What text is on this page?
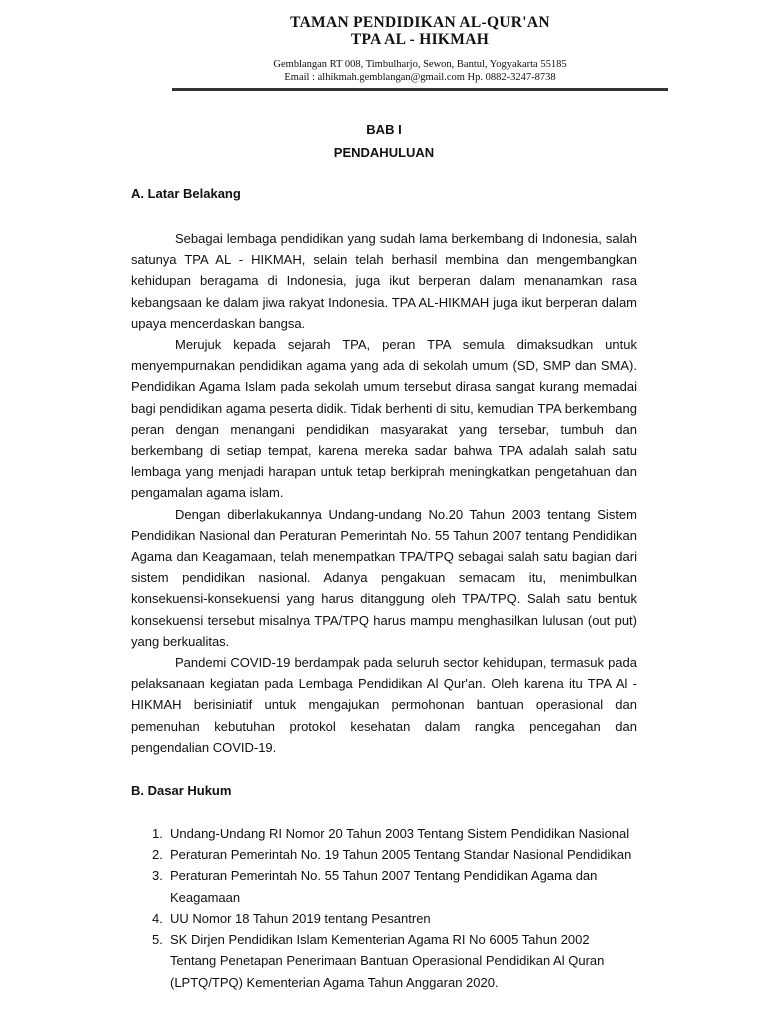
TAMAN PENDIDIKAN AL-QUR'AN
TPA AL - HIKMAH
Gemblangan RT 008, Timbulharjo, Sewon, Bantul, Yogyakarta 55185
Email : alhikmah.gemblangan@gmail.com Hp. 0882-3247-8738
BAB I
PENDAHULUAN
A. Latar Belakang

Sebagai lembaga pendidikan yang sudah lama berkembang di Indonesia, salah satunya TPA AL - HIKMAH, selain telah berhasil membina dan mengembangkan kehidupan beragama di Indonesia, juga ikut berperan dalam menanamkan rasa kebangsaan ke dalam jiwa rakyat Indonesia. TPA AL-HIKMAH juga ikut berperan dalam upaya mencerdaskan bangsa.

Merujuk kepada sejarah TPA, peran TPA semula dimaksudkan untuk menyempurnakan pendidikan agama yang ada di sekolah umum (SD, SMP dan SMA). Pendidikan Agama Islam pada sekolah umum tersebut dirasa sangat kurang memadai bagi pendidikan agama peserta didik. Tidak berhenti di situ, kemudian TPA berkembang peran dengan menangani pendidikan masyarakat yang tersebar, tumbuh dan berkembang di setiap tempat, karena mereka sadar bahwa TPA adalah salah satu lembaga yang menjadi harapan untuk tetap berkiprah meningkatkan pengetahuan dan pengamalan agama islam.

Dengan diberlakukannya Undang-undang No.20 Tahun 2003 tentang Sistem Pendidikan Nasional dan Peraturan Pemerintah No. 55 Tahun 2007 tentang Pendidikan Agama dan Keagamaan, telah menempatkan TPA/TPQ sebagai salah satu bagian dari sistem pendidikan nasional. Adanya pengakuan semacam itu, menimbulkan konsekuensi-konsekuensi yang harus ditanggung oleh TPA/TPQ. Salah satu bentuk konsekuensi tersebut misalnya TPA/TPQ harus mampu menghasilkan lulusan (out put) yang berkualitas.

Pandemi COVID-19 berdampak pada seluruh sector kehidupan, termasuk pada pelaksanaan kegiatan pada Lembaga Pendidikan Al Qur'an. Oleh karena itu TPA Al - HIKMAH berisiniatif untuk mengajukan permohonan bantuan operasional dan pemenuhan kebutuhan protokol kesehatan dalam rangka pencegahan dan pengendalian COVID-19.

B. Dasar Hukum
1. Undang-Undang RI Nomor 20 Tahun 2003 Tentang Sistem Pendidikan Nasional
2. Peraturan Pemerintah No. 19 Tahun 2005 Tentang Standar Nasional Pendidikan
3. Peraturan Pemerintah No. 55 Tahun 2007 Tentang Pendidikan Agama dan Keagamaan
4. UU Nomor 18 Tahun 2019 tentang Pesantren
5. SK Dirjen Pendidikan Islam Kementerian Agama RI No 6005 Tahun 2002 Tentang Penetapan Penerimaan Bantuan Operasional Pendidikan Al Quran (LPTQ/TPQ) Kementerian Agama Tahun Anggaran 2020.
